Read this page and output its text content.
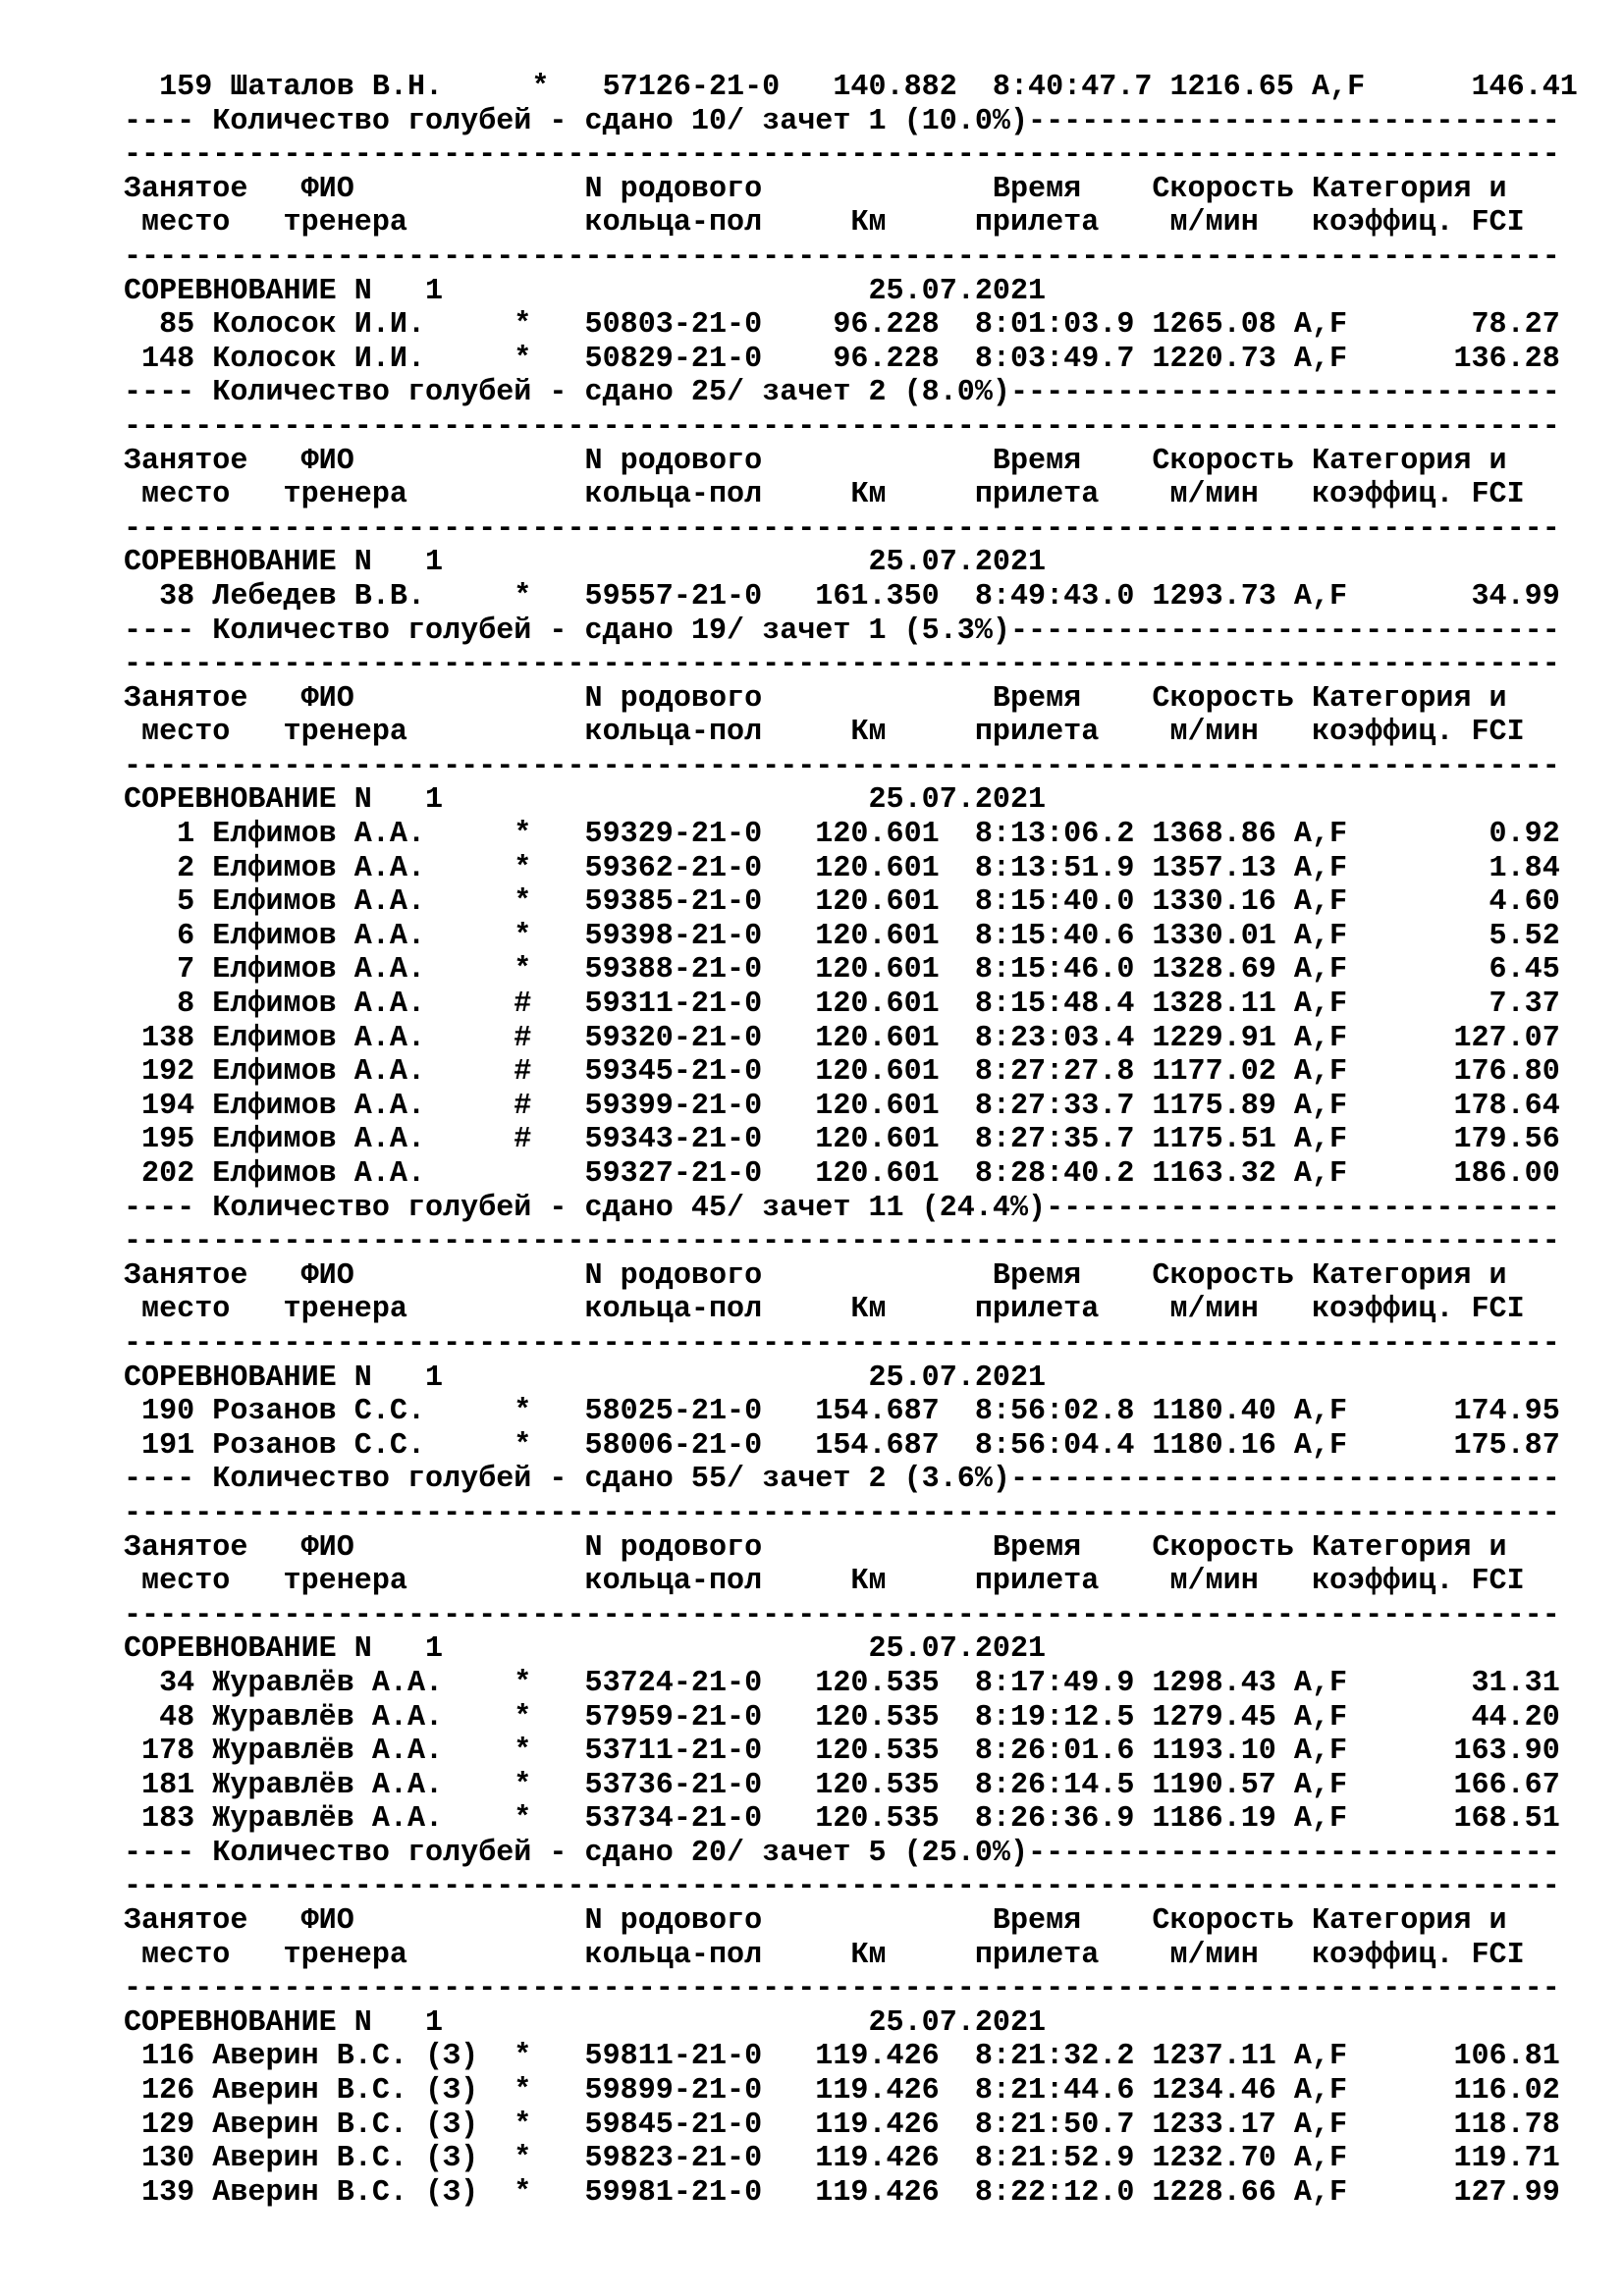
159 Шаталов В.Н.     *   57126-21-0   140.882  8:40:47.7 1216.65 A,F      146.41
---- Количество голубей - сдано 10/ зачет 1 (10.0%)------------------------------
---------------------------------------------------------------------------------
Занятое   ФИО             N родового             Время    Скорость Категория и
место   тренера          кольца-пол     Км     прилета    м/мин   коэффиц. FCI
---------------------------------------------------------------------------------
СОРЕВНОВАНИЕ N   1                        25.07.2021
85 Колосок И.И.     *   50803-21-0    96.228  8:01:03.9 1265.08 A,F       78.27
148 Колосок И.И.     *   50829-21-0    96.228  8:03:49.7 1220.73 A,F      136.28
---- Количество голубей - сдано 25/ зачет 2 (8.0%)-------------------------------
---------------------------------------------------------------------------------
Занятое   ФИО             N родового             Время    Скорость Категория и
место   тренера          кольца-пол     Км     прилета    м/мин   коэффиц. FCI
---------------------------------------------------------------------------------
СОРЕВНОВАНИЕ N   1                        25.07.2021
38 Лебедев В.В.     *   59557-21-0   161.350  8:49:43.0 1293.73 A,F       34.99
---- Количество голубей - сдано 19/ зачет 1 (5.3%)-------------------------------
---------------------------------------------------------------------------------
Занятое   ФИО             N родового             Время    Скорость Категория и
место   тренера          кольца-пол     Км     прилета    м/мин   коэффиц. FCI
---------------------------------------------------------------------------------
СОРЕВНОВАНИЕ N   1                        25.07.2021
1 Елфимов А.А.     *   59329-21-0   120.601  8:13:06.2 1368.86 A,F        0.92
2 Елфимов А.А.     *   59362-21-0   120.601  8:13:51.9 1357.13 A,F        1.84
5 Елфимов А.А.     *   59385-21-0   120.601  8:15:40.0 1330.16 A,F        4.60
6 Елфимов А.А.     *   59398-21-0   120.601  8:15:40.6 1330.01 A,F        5.52
7 Елфимов А.А.     *   59388-21-0   120.601  8:15:46.0 1328.69 A,F        6.45
8 Елфимов А.А.     #   59311-21-0   120.601  8:15:48.4 1328.11 A,F        7.37
138 Елфимов А.А.     #   59320-21-0   120.601  8:23:03.4 1229.91 A,F      127.07
192 Елфимов А.А.     #   59345-21-0   120.601  8:27:27.8 1177.02 A,F      176.80
194 Елфимов А.А.     #   59399-21-0   120.601  8:27:33.7 1175.89 A,F      178.64
195 Елфимов А.А.     #   59343-21-0   120.601  8:27:35.7 1175.51 A,F      179.56
202 Елфимов А.А.         59327-21-0   120.601  8:28:40.2 1163.32 A,F      186.00
---- Количество голубей - сдано 45/ зачет 11 (24.4%)-----------------------------
---------------------------------------------------------------------------------
Занятое   ФИО             N родового             Время    Скорость Категория и
место   тренера          кольца-пол     Км     прилета    м/мин   коэффиц. FCI
---------------------------------------------------------------------------------
СОРЕВНОВАНИЕ N   1                        25.07.2021
190 Розанов С.С.     *   58025-21-0   154.687  8:56:02.8 1180.40 A,F      174.95
191 Розанов С.С.     *   58006-21-0   154.687  8:56:04.4 1180.16 A,F      175.87
---- Количество голубей - сдано 55/ зачет 2 (3.6%)-------------------------------
---------------------------------------------------------------------------------
Занятое   ФИО             N родового             Время    Скорость Категория и
место   тренера          кольца-пол     Км     прилета    м/мин   коэффиц. FCI
---------------------------------------------------------------------------------
СОРЕВНОВАНИЕ N   1                        25.07.2021
34 Журавлёв А.А.    *   53724-21-0   120.535  8:17:49.9 1298.43 A,F       31.31
48 Журавлёв А.А.    *   57959-21-0   120.535  8:19:12.5 1279.45 A,F       44.20
178 Журавлёв А.А.    *   53711-21-0   120.535  8:26:01.6 1193.10 A,F      163.90
181 Журавлёв А.А.    *   53736-21-0   120.535  8:26:14.5 1190.57 A,F      166.67
183 Журавлёв А.А.    *   53734-21-0   120.535  8:26:36.9 1186.19 A,F      168.51
---- Количество голубей - сдано 20/ зачет 5 (25.0%)------------------------------
---------------------------------------------------------------------------------
Занятое   ФИО             N родового             Время    Скорость Категория и
место   тренера          кольца-пол     Км     прилета    м/мин   коэффиц. FCI
---------------------------------------------------------------------------------
СОРЕВНОВАНИЕ N   1                        25.07.2021
116 Аверин В.С. (З)  *   59811-21-0   119.426  8:21:32.2 1237.11 A,F      106.81
126 Аверин В.С. (З)  *   59899-21-0   119.426  8:21:44.6 1234.46 A,F      116.02
129 Аверин В.С. (З)  *   59845-21-0   119.426  8:21:50.7 1233.17 A,F      118.78
130 Аверин В.С. (З)  *   59823-21-0   119.426  8:21:52.9 1232.70 A,F      119.71
139 Аверин В.С. (З)  *   59981-21-0   119.426  8:22:12.0 1228.66 A,F      127.99
